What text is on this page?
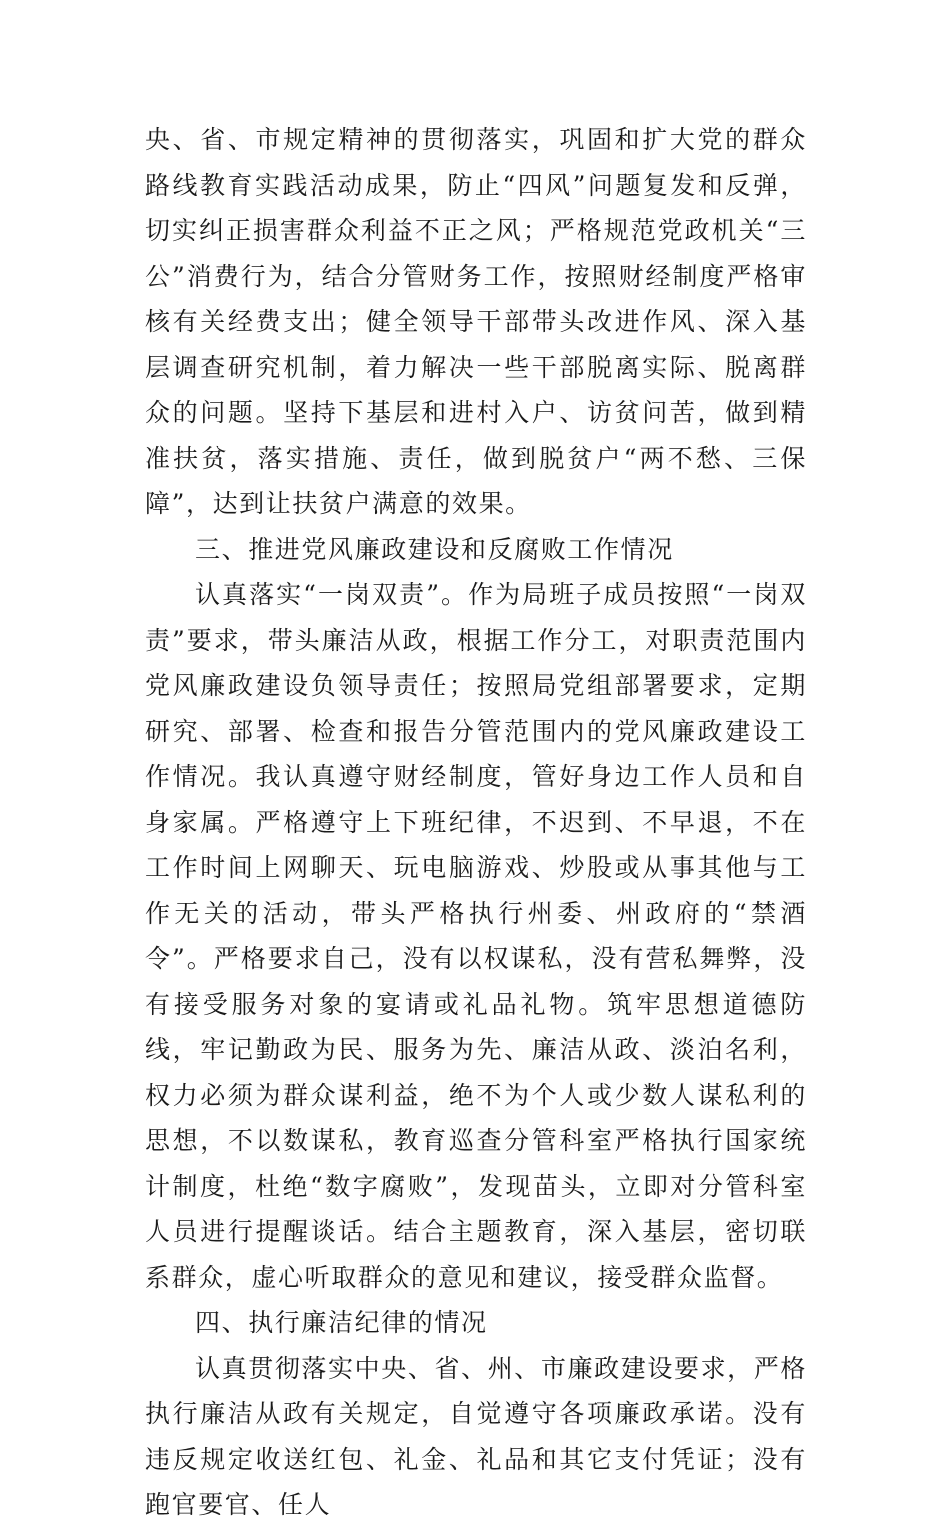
央、省、市规定精神的贯彻落实，巩固和扩大党的群众路线教育实践活动成果，防止“四风”问题复发和反弹，切实纠正损害群众利益不正之风；严格规范党政机关“三公”消费行为，结合分管财务工作，按照财经制度严格审核有关经费支出；健全领导干部带头改进作风、深入基层调查研究机制，着力解决一些干部脱离实际、脱离群众的问题。坚持下基层和进村入户、访贫问苦，做到精准扶贫，落实措施、责任，做到脱贫户“两不愁、三保障”，达到让扶贫户满意的效果。

三、推进党风廉政建设和反腐败工作情况

认真落实“一岗双责”。作为局班子成员按照“一岗双责”要求，带头廉洁从政，根据工作分工，对职责范围内党风廉政建设负领导责任；按照局党组部署要求，定期研究、部署、检查和报告分管范围内的党风廉政建设工作情况。我认真遵守财经制度，管好身边工作人员和自身家属。严格遵守上下班纪律，不迟到、不早退，不在工作时间上网聊天、玩电脑游戏、炒股或从事其他与工作无关的活动，带头严格执行州委、州政府的“禁酒令”。严格要求自己，没有以权谋私，没有营私舞弊，没有接受服务对象的宴请或礼品礼物。筑牢思想道德防线，牢记勤政为民、服务为先、廉洁从政、淡泊名利，权力必须为群众谋利益，绝不为个人或少数人谋私利的思想，不以数谋私，教育巡查分管科室严格执行国家统计制度，杜绝“数字腐败”，发现苗头，立即对分管科室人员进行提醒谈话。结合主题教育，深入基层，密切联系群众，虚心听取群众的意见和建议，接受群众监督。

四、执行廉洁纪律的情况

认真贯彻落实中央、省、州、市廉政建设要求，严格执行廉洁从政有关规定，自觉遵守各项廉政承诺。没有违反规定收送红包、礼金、礼品和其它支付凭证；没有跑官要官、任人
